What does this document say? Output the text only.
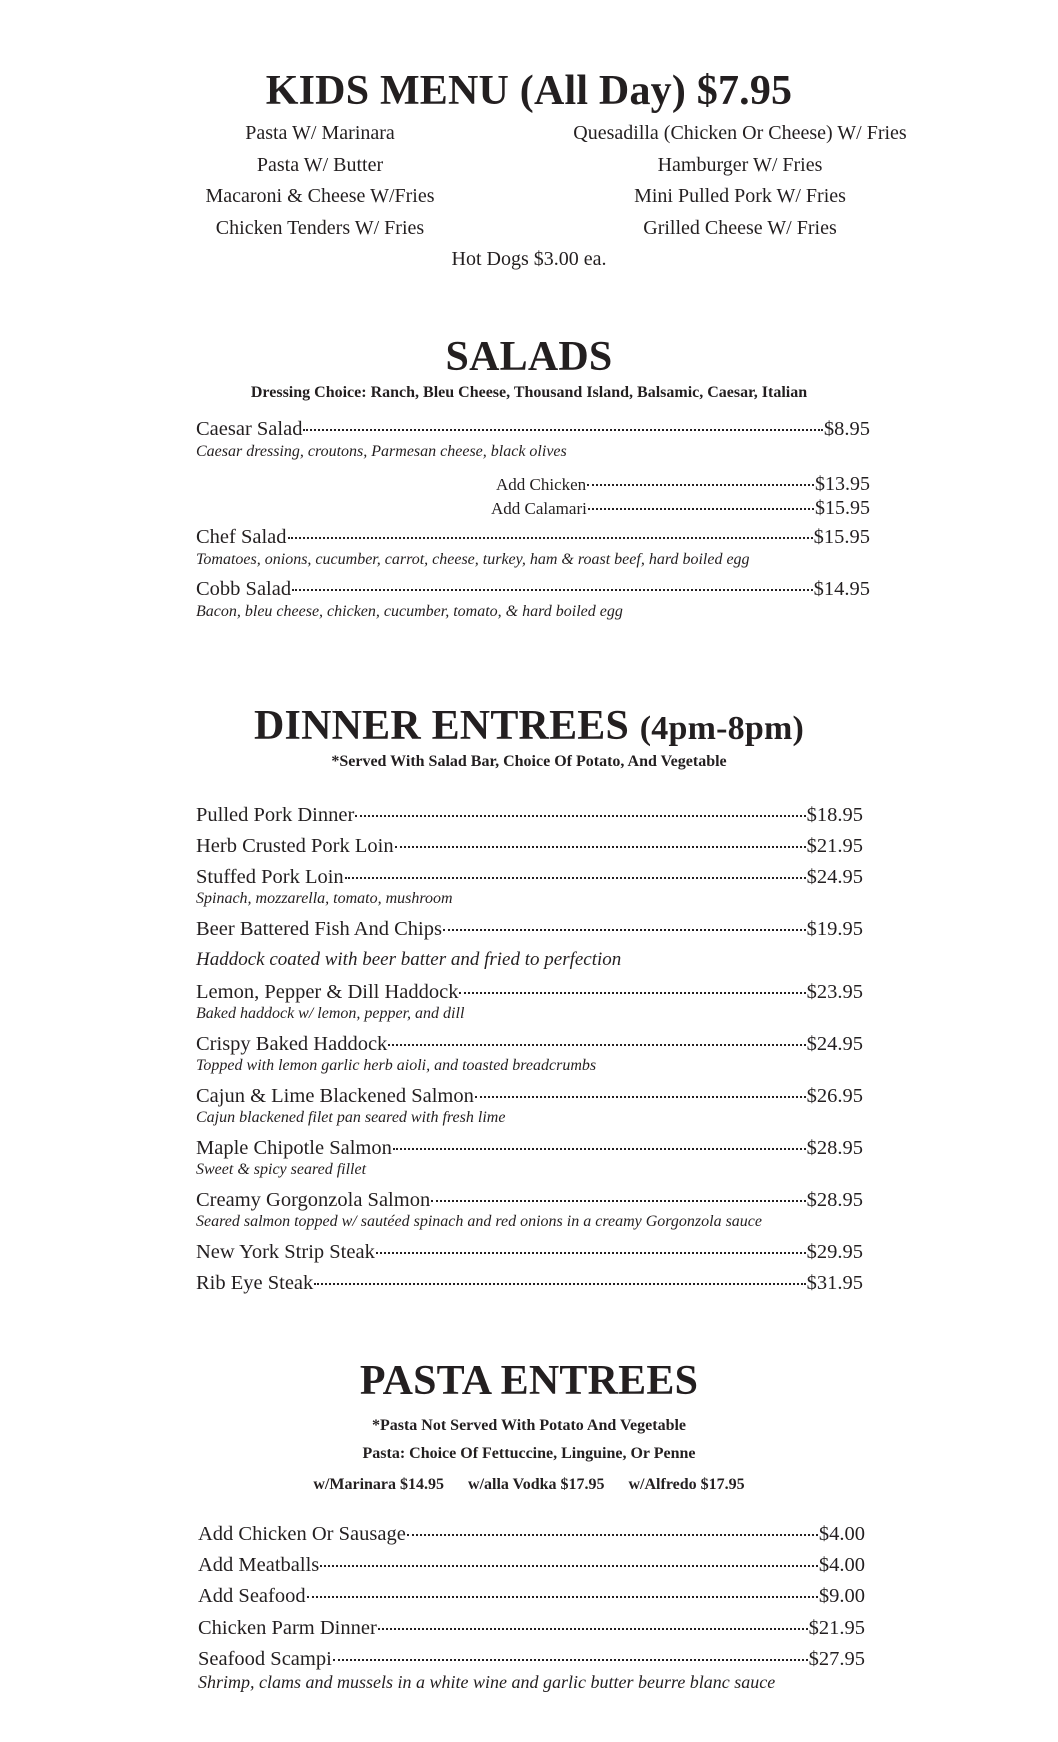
KIDS MENU (All Day) $7.95
Pasta W/ Marinara
Pasta W/ Butter
Macaroni & Cheese W/Fries
Chicken Tenders W/ Fries
Quesadilla (Chicken Or Cheese) W/ Fries
Hamburger W/ Fries
Mini Pulled Pork W/ Fries
Grilled Cheese W/ Fries
Hot Dogs $3.00 ea.
SALADS
Dressing Choice: Ranch, Bleu Cheese, Thousand Island, Balsamic, Caesar, Italian
Caesar Salad	$8.95
Caesar dressing, croutons, Parmesan cheese, black olives
Add Chicken	$13.95
Add Calamari	$15.95
Chef Salad	$15.95
Tomatoes, onions, cucumber, carrot, cheese, turkey, ham & roast beef, hard boiled egg
Cobb Salad	$14.95
Bacon, bleu cheese, chicken, cucumber, tomato, & hard boiled egg
DINNER ENTREES (4pm-8pm)
*Served With Salad Bar, Choice Of Potato, And Vegetable
Pulled Pork Dinner	$18.95
Herb Crusted Pork Loin	$21.95
Stuffed Pork Loin	$24.95
Spinach, mozzarella, tomato, mushroom
Beer Battered Fish And Chips	$19.95
Haddock coated with beer batter and fried to perfection
Lemon, Pepper & Dill Haddock	$23.95
Baked haddock w/ lemon, pepper, and dill
Crispy Baked Haddock	$24.95
Topped with lemon garlic herb aioli, and toasted breadcrumbs
Cajun & Lime Blackened Salmon	$26.95
Cajun blackened filet pan seared with fresh lime
Maple Chipotle Salmon	$28.95
Sweet & spicy seared fillet
Creamy Gorgonzola Salmon	$28.95
Seared salmon topped w/ sautéed spinach and red onions in a creamy Gorgonzola sauce
New York Strip Steak	$29.95
Rib Eye Steak	$31.95
PASTA ENTREES
*Pasta Not Served With Potato And Vegetable
Pasta: Choice Of Fettuccine, Linguine, Or Penne
w/Marinara $14.95 w/alla Vodka $17.95 w/Alfredo $17.95
Add Chicken Or Sausage	$4.00
Add Meatballs	$4.00
Add Seafood	$9.00
Chicken Parm Dinner	$21.95
Seafood Scampi	$27.95
Shrimp, clams and mussels in a white wine and garlic butter beurre blanc sauce
